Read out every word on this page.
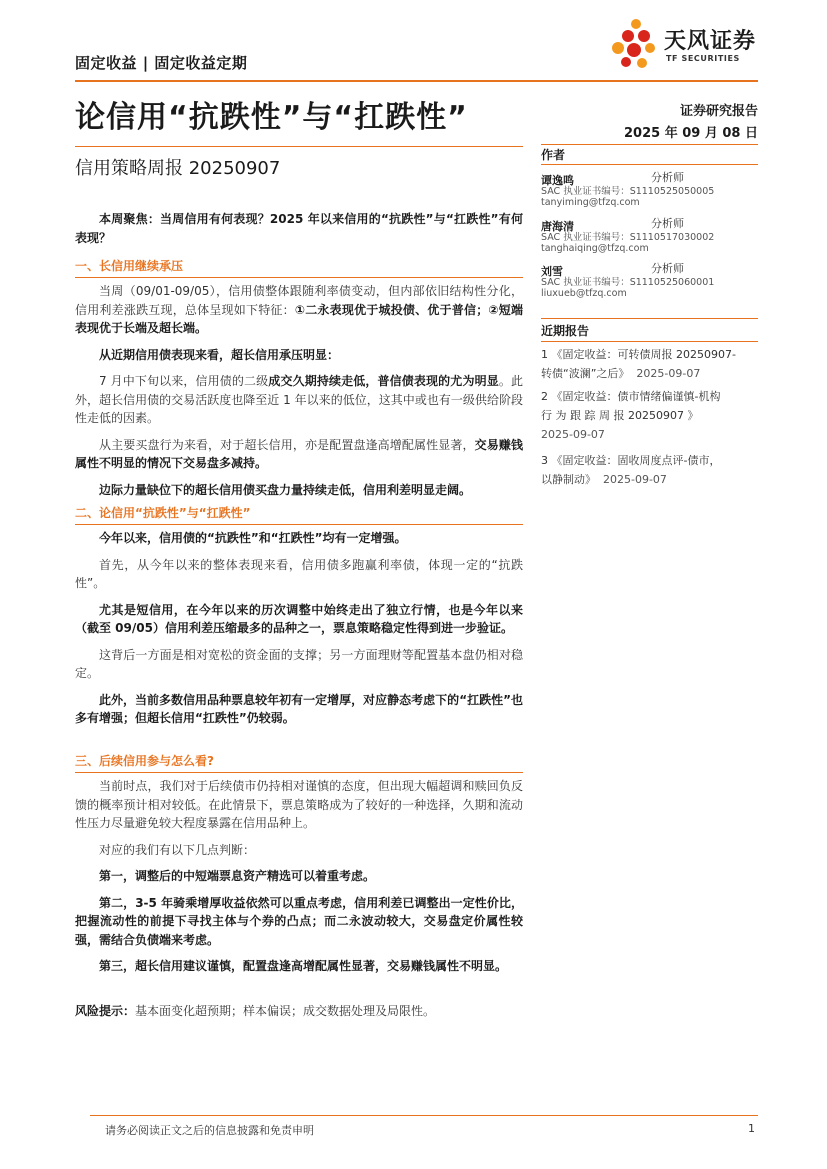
固定收益 | 固定收益定期
天风证券
TF SECURITIES
论信用“抗跌性”与“扛跌性”
信用策略周报 20250907
证券研究报告
2025 年 09 月 08 日
作者
谭逸鸣	分析师
SAC 执业证书编号：S1110525050005
tanyiming@tfzq.com
唐海清	分析师
SAC 执业证书编号：S1110517030002
tanghaiqing@tfzq.com
刘雪	分析师
SAC 执业证书编号：S1110525060001
liuxueb@tfzq.com
近期报告
1 《固定收益：可转债周报 20250907-
转债“波澜”之后》 2025-09-07
2 《固定收益：债市情绪偏谨慎-机构
行 为 跟 踪 周 报 20250907 》
2025-09-07
3 《固定收益：固收周度点评-债市，
以静制动》 2025-09-07

本周聚焦：当周信用有何表现？2025 年以来信用的“抗跌性”与“扛跌性”有何表现？

一、长信用继续承压

当周（09/01-09/05），信用债整体跟随利率债变动，但内部依旧结构性分化，信用利差涨跌互现，总体呈现如下特征：①二永表现优于城投债、优于普信；②短端表现优于长端及超长端。

从近期信用债表现来看，超长信用承压明显：

7 月中下旬以来，信用债的二级成交久期持续走低，普信债表现的尤为明显。此外，超长信用债的交易活跃度也降至近 1 年以来的低位，这其中或也有一级供给阶段性走低的因素。

从主要买盘行为来看，对于超长信用，亦是配置盘逢高增配属性显著，交易赚钱属性不明显的情况下交易盘多减持。

边际力量缺位下的超长信用债买盘力量持续走低，信用利差明显走阔。

二、论信用“抗跌性”与“扛跌性”

今年以来，信用债的“抗跌性”和“扛跌性”均有一定增强。

首先，从今年以来的整体表现来看，信用债多跑赢利率债，体现一定的“抗跌性”。

尤其是短信用，在今年以来的历次调整中始终走出了独立行情，也是今年以来（截至 09/05）信用利差压缩最多的品种之一，票息策略稳定性得到进一步验证。

这背后一方面是相对宽松的资金面的支撑；另一方面理财等配置基本盘仍相对稳定。

此外，当前多数信用品种票息较年初有一定增厚，对应静态考虑下的“扛跌性”也多有增强；但超长信用“扛跌性”仍较弱。

三、后续信用参与怎么看?

当前时点，我们对于后续债市仍持相对谨慎的态度，但出现大幅超调和赎回负反馈的概率预计相对较低。在此情景下，票息策略成为了较好的一种选择，久期和流动性压力尽量避免较大程度暴露在信用品种上。

对应的我们有以下几点判断：

第一，调整后的中短端票息资产精选可以着重考虑。

第二，3-5 年骑乘增厚收益依然可以重点考虑，信用利差已调整出一定性价比，把握流动性的前提下寻找主体与个券的凸点；而二永波动较大，交易盘定价属性较强，需结合负债端来考虑。

第三，超长信用建议谨慎，配置盘逢高增配属性显著，交易赚钱属性不明显。

风险提示：基本面变化超预期；样本偏误；成交数据处理及局限性。
请务必阅读正文之后的信息披露和免责申明	1
